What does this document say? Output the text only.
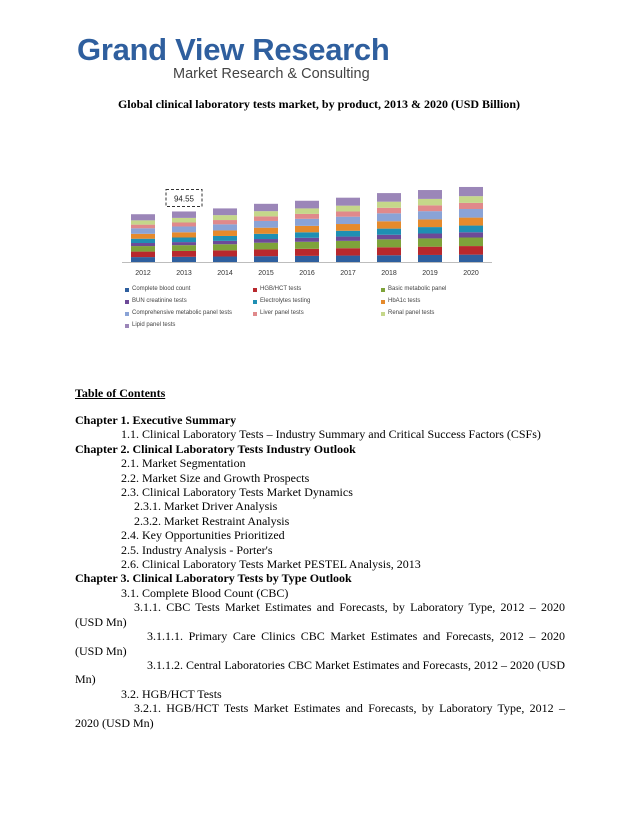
Grand View Research
Market Research & Consulting
Global clinical laboratory tests market, by product, 2013 & 2020 (USD Billion)
2012
94.55
2013	2014	2015	2016	2017	2018	2019	2020
Complete blood count	HGB/HCT tests	Basic metabolic panel
BUN creatinine tests	Electrolytes testing	HbA1c tests
Comprehensive metabolic panel tests	Liver panel tests	Renal panel tests
Lipid panel tests
Table of Contents

Chapter 1. Executive Summary

1.1. Clinical Laboratory Tests – Industry Summary and Critical Success Factors (CSFs)

Chapter 2. Clinical Laboratory Tests Industry Outlook

2.1. Market Segmentation

2.2. Market Size and Growth Prospects

2.3. Clinical Laboratory Tests Market Dynamics

2.3.1. Market Driver Analysis

2.3.2. Market Restraint Analysis

2.4. Key Opportunities Prioritized

2.5. Industry Analysis - Porter's

2.6. Clinical Laboratory Tests Market PESTEL Analysis, 2013

Chapter 3. Clinical Laboratory Tests by Type Outlook

3.1. Complete Blood Count (CBC)

3.1.1. CBC Tests Market Estimates and Forecasts, by Laboratory Type, 2012 – 2020 (USD Mn)

3.1.1.1. Primary Care Clinics CBC Market Estimates and Forecasts, 2012 – 2020 (USD Mn)

3.1.1.2. Central Laboratories CBC Market Estimates and Forecasts, 2012 – 2020 (USD Mn)

3.2. HGB/HCT Tests

3.2.1. HGB/HCT Tests Market Estimates and Forecasts, by Laboratory Type, 2012 – 2020 (USD Mn)
